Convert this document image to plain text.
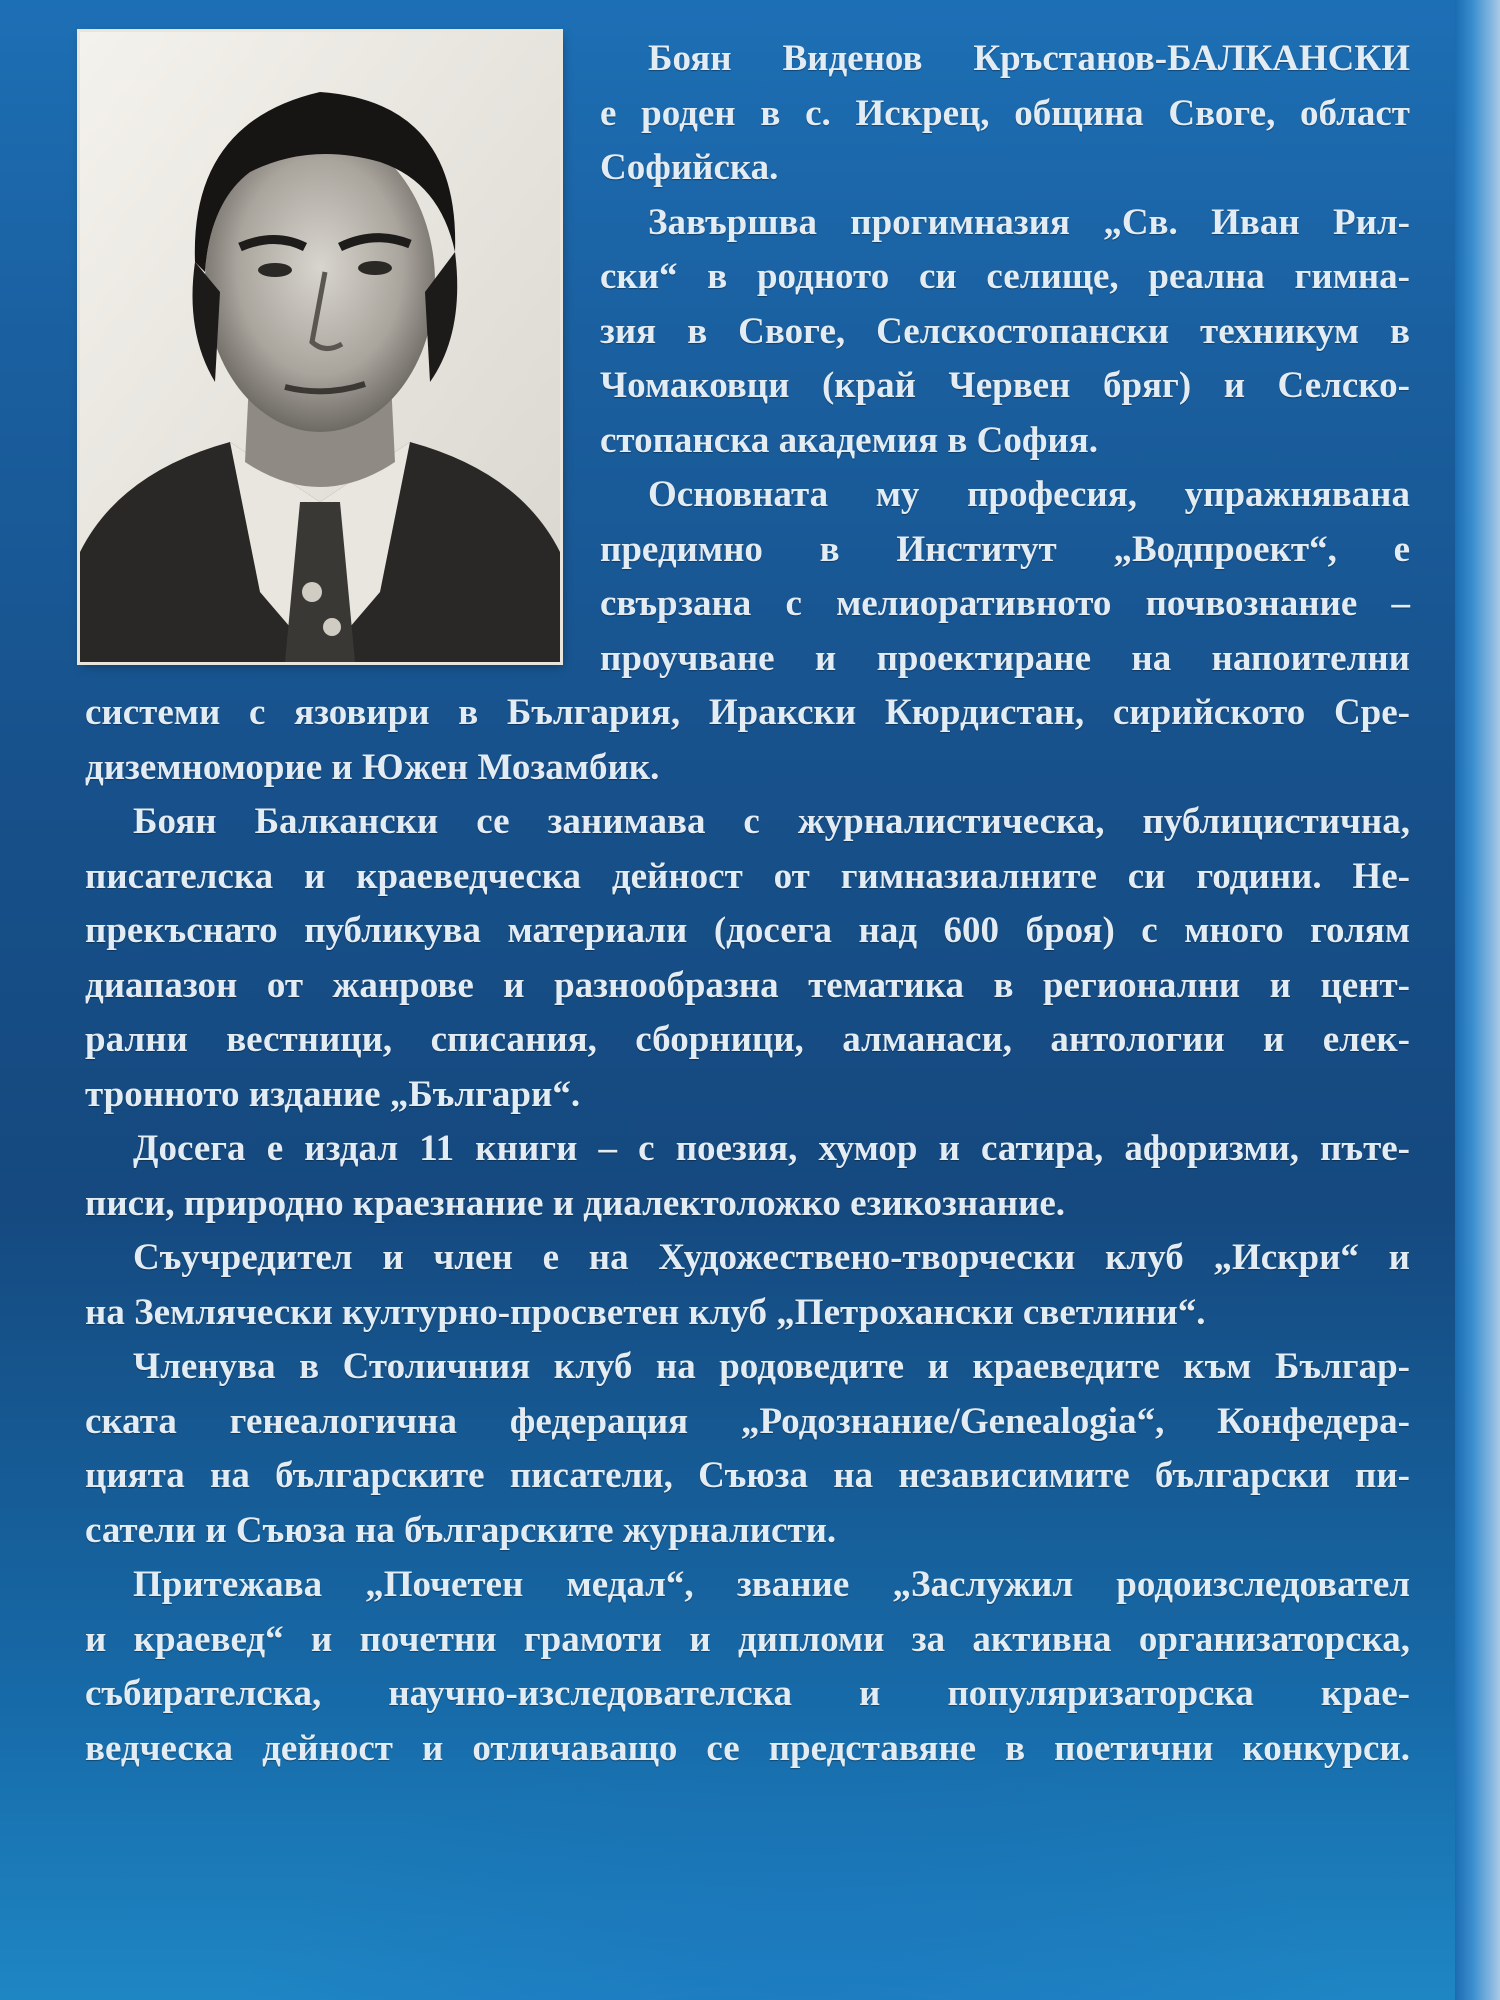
Боян Виденов Кръстанов-БАЛКАНСКИ
е роден в с. Искрец, община Своге, област
Софийска.
Завършва прогимназия „Св. Иван Рил-
ски“ в родното си селище, реална гимна-
зия в Своге, Селскостопански техникум в
Чомаковци (край Червен бряг) и Селско-
стопанска академия в София.
Основната му професия, упражнявана
предимно в Институт „Водпроект“, е
свързана с мелиоративното почвознание –
проучване и проектиране на напоителни
системи с язовири в България, Иракски Кюрдистан, сирийското Сре-
диземноморие и Южен Мозамбик.
Боян Балкански се занимава с журналистическа, публицистична,
писателска и краеведческа дейност от гимназиалните си години. Не-
прекъснато публикува материали (досега над 600 броя) с много голям
диапазон от жанрове и разнообразна тематика в регионални и цент-
рални вестници, списания, сборници, алманаси, антологии и елек-
тронното издание „Българи“.
Досега е издал 11 книги – с поезия, хумор и сатира, афоризми, пъте-
писи, природно краезнание и диалектоложко езикознание.
Съучредител и член е на Художествено-творчески клуб „Искри“ и
на Землячески културно-просветен клуб „Петрохански светлини“.
Членува в Столичния клуб на родоведите и краеведите към Българ-
ската генеалогична федерация „Родознание/Genealogia“, Конфедера-
цията на българските писатели, Съюза на независимите български пи-
сатели и Съюза на българските журналисти.
Притежава „Почетен медал“, звание „Заслужил родоизследовател
и краевед“ и почетни грамоти и дипломи за активна организаторска,
събирателска, научно-изследователска и популяризаторска крае-
ведческа дейност и отличаващо се представяне в поетични конкурси.
